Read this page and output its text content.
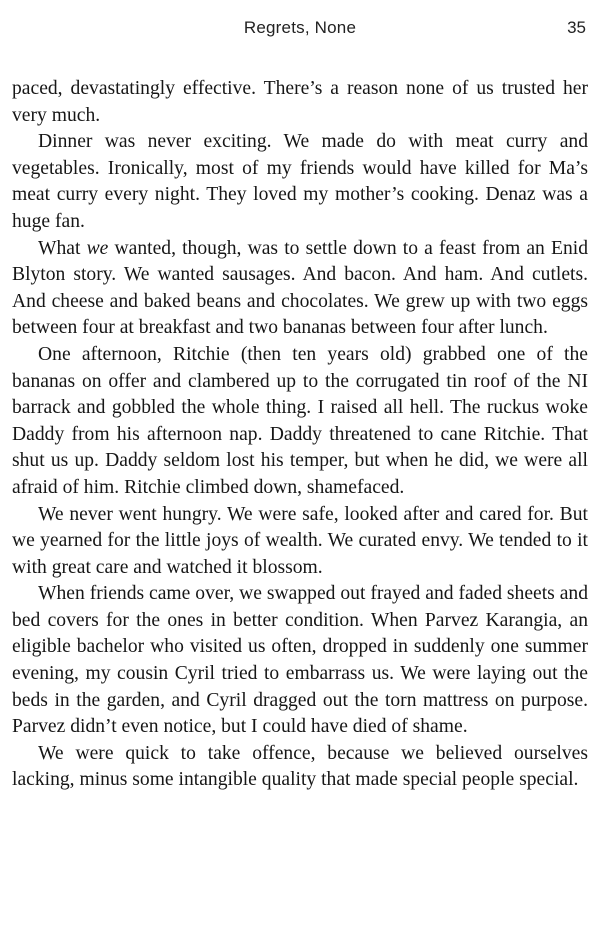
Regrets, None	35

paced, devastatingly effective. There’s a reason none of us trusted her very much.

Dinner was never exciting. We made do with meat curry and vegetables. Ironically, most of my friends would have killed for Ma’s meat curry every night. They loved my mother’s cooking. Denaz was a huge fan.

What we wanted, though, was to settle down to a feast from an Enid Blyton story. We wanted sausages. And bacon. And ham. And cutlets. And cheese and baked beans and chocolates. We grew up with two eggs between four at breakfast and two bananas between four after lunch.

One afternoon, Ritchie (then ten years old) grabbed one of the bananas on offer and clambered up to the corrugated tin roof of the NI barrack and gobbled the whole thing. I raised all hell. The ruckus woke Daddy from his afternoon nap. Daddy threatened to cane Ritchie. That shut us up. Daddy seldom lost his temper, but when he did, we were all afraid of him. Ritchie climbed down, shamefaced.

We never went hungry. We were safe, looked after and cared for. But we yearned for the little joys of wealth. We curated envy. We tended to it with great care and watched it blossom.

When friends came over, we swapped out frayed and faded sheets and bed covers for the ones in better condition. When Parvez Karangia, an eligible bachelor who visited us often, dropped in suddenly one summer evening, my cousin Cyril tried to embarrass us. We were laying out the beds in the garden, and Cyril dragged out the torn mattress on purpose. Parvez didn’t even notice, but I could have died of shame.

We were quick to take offence, because we believed ourselves lacking, minus some intangible quality that made special people special.
